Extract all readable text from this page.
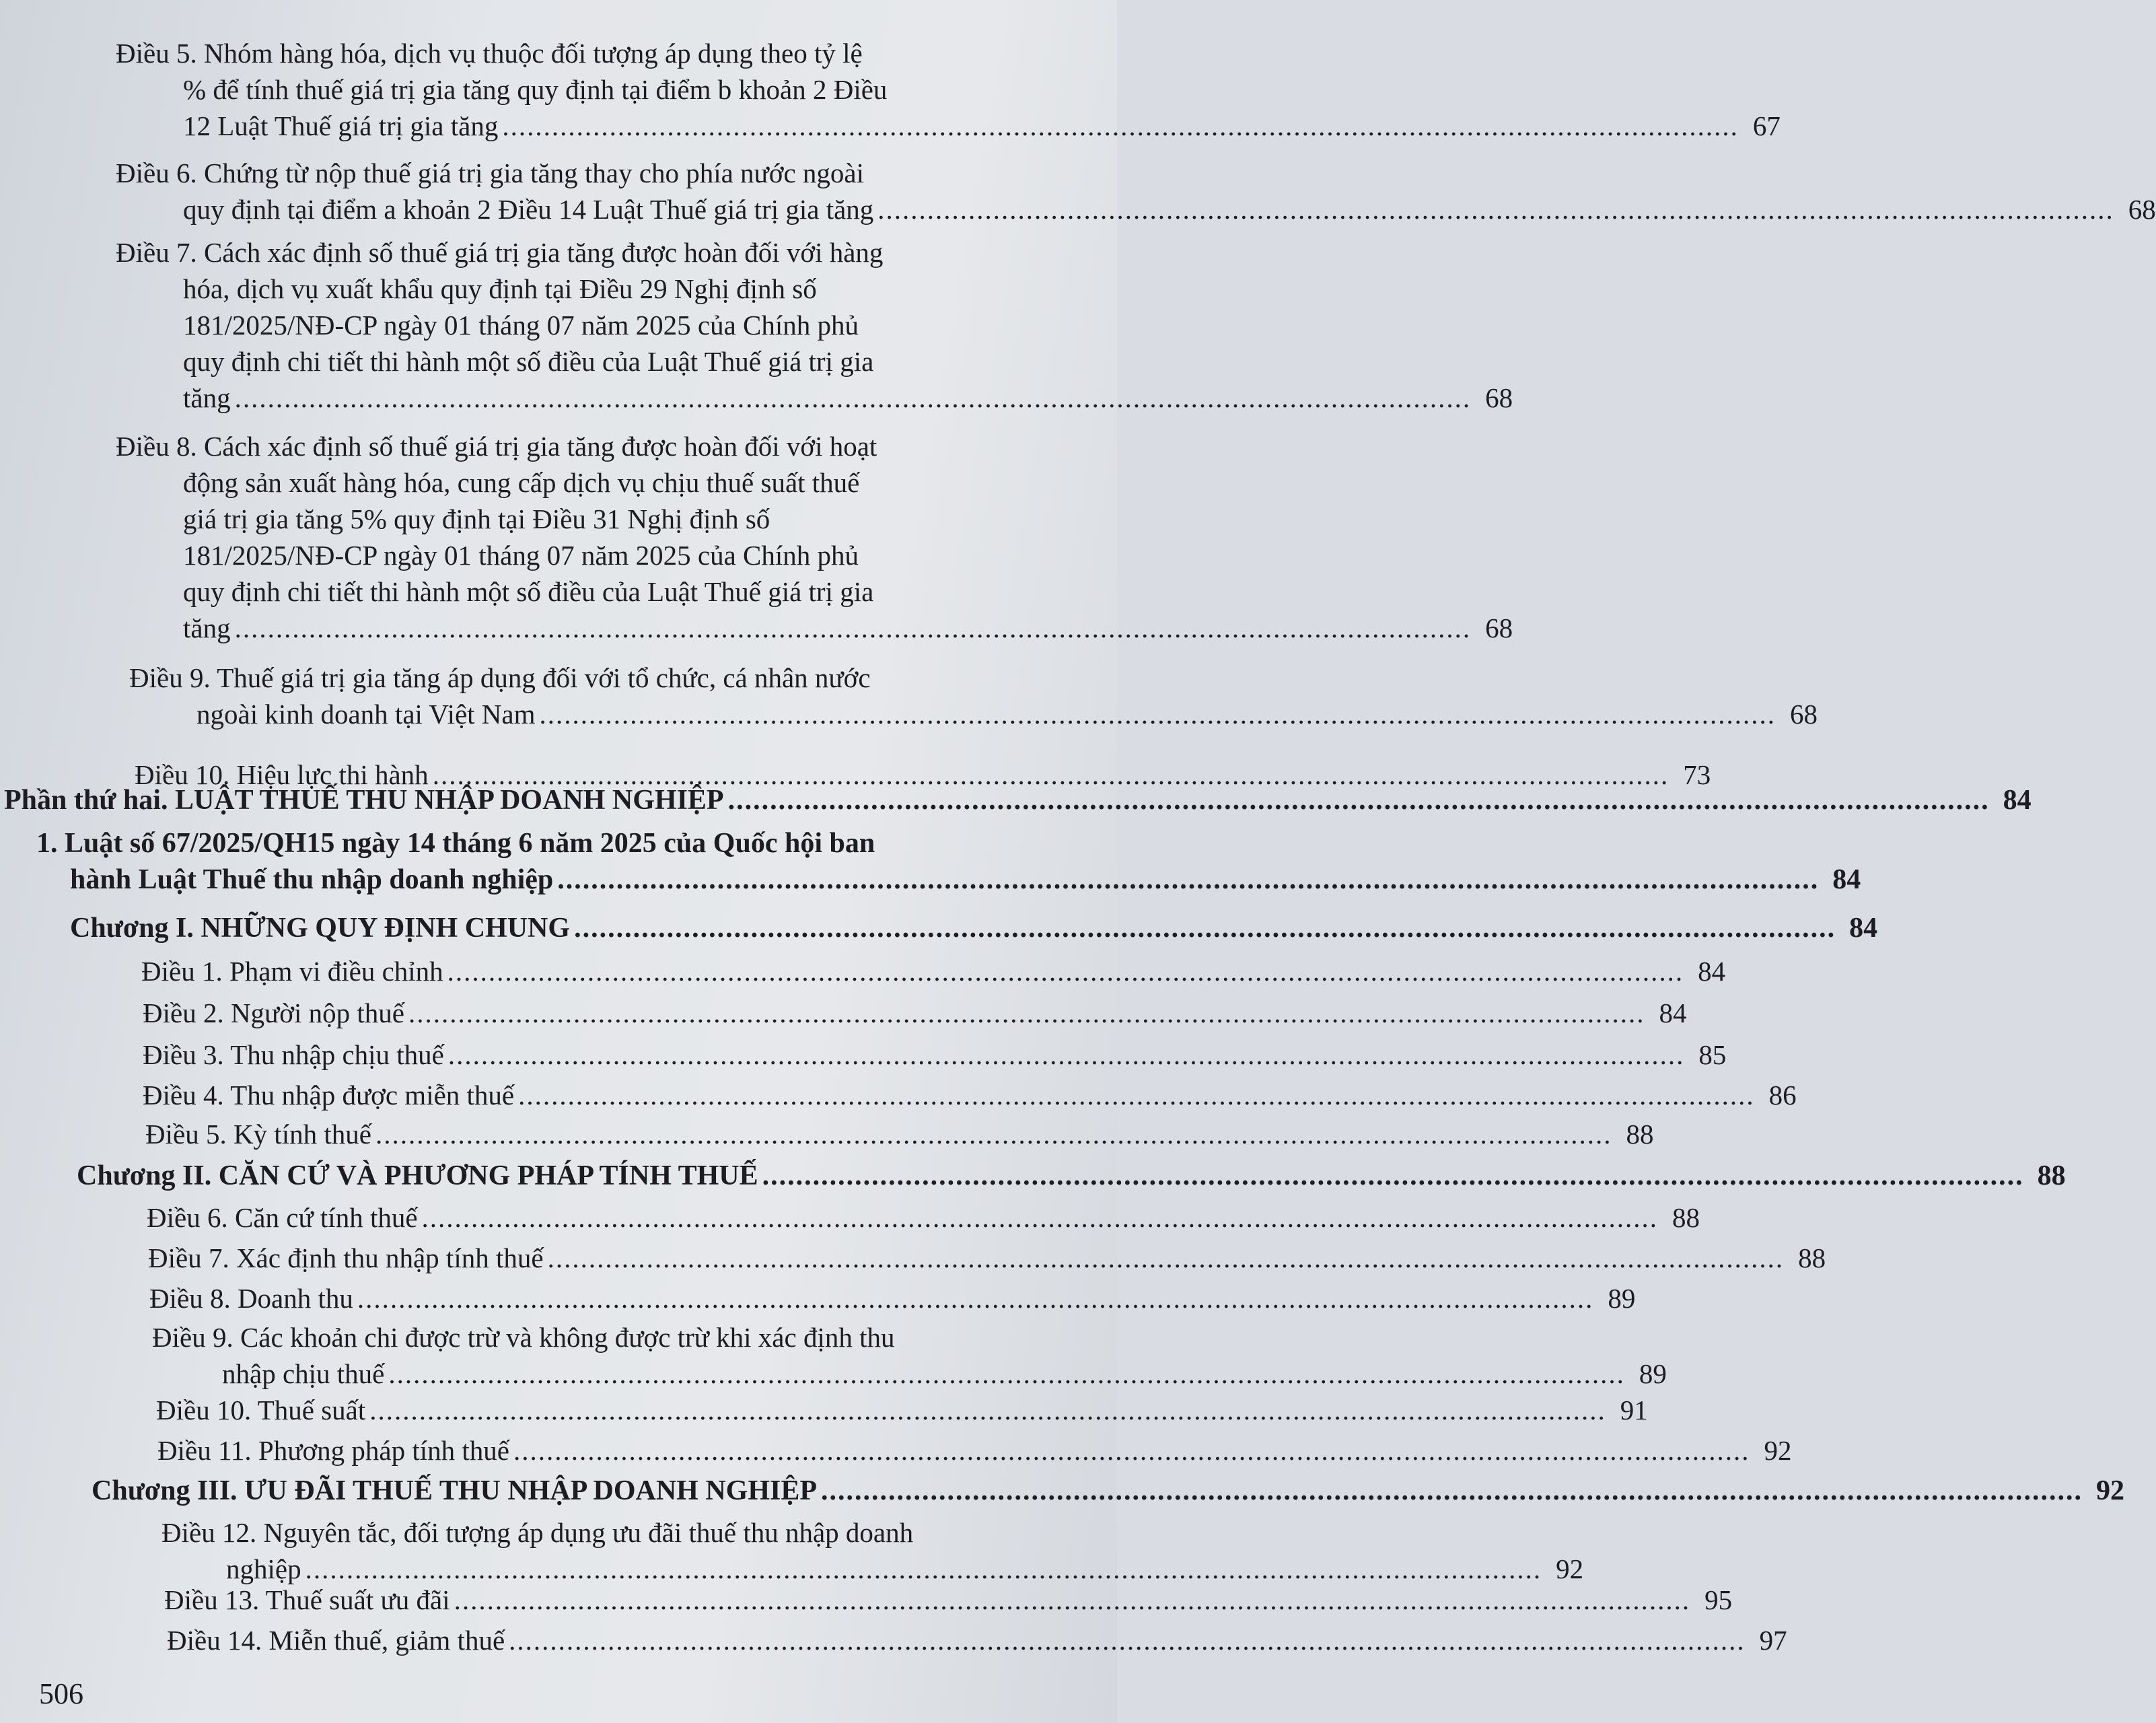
Điều 5. Nhóm hàng hóa, dịch vụ thuộc đối tượng áp dụng theo tỷ lệ
% để tính thuế giá trị gia tăng quy định tại điểm b khoản 2 Điều
12 Luật Thuế giá trị gia tăng ...................................................................................................................................................... 67
Điều 6. Chứng từ nộp thuế giá trị gia tăng thay cho phía nước ngoài
quy định tại điểm a khoản 2 Điều 14 Luật Thuế giá trị gia tăng ...................................................................................................................................................... 68
Điều 7. Cách xác định số thuế giá trị gia tăng được hoàn đối với hàng
hóa, dịch vụ xuất khẩu quy định tại Điều 29 Nghị định số
181/2025/NĐ-CP ngày 01 tháng 07 năm 2025 của Chính phủ
quy định chi tiết thi hành một số điều của Luật Thuế giá trị gia
tăng ...................................................................................................................................................... 68
Điều 8. Cách xác định số thuế giá trị gia tăng được hoàn đối với hoạt
động sản xuất hàng hóa, cung cấp dịch vụ chịu thuế suất thuế
giá trị gia tăng 5% quy định tại Điều 31 Nghị định số
181/2025/NĐ-CP ngày 01 tháng 07 năm 2025 của Chính phủ
quy định chi tiết thi hành một số điều của Luật Thuế giá trị gia
tăng ...................................................................................................................................................... 68
Điều 9. Thuế giá trị gia tăng áp dụng đối với tổ chức, cá nhân nước
ngoài kinh doanh tại Việt Nam ...................................................................................................................................................... 68
Điều 10. Hiệu lực thi hành ...................................................................................................................................................... 73
Phần thứ hai. LUẬT THUẾ THU NHẬP DOANH NGHIỆP ...................................................................................................................................................... 84
1. Luật số 67/2025/QH15 ngày 14 tháng 6 năm 2025 của Quốc hội ban
hành Luật Thuế thu nhập doanh nghiệp ...................................................................................................................................................... 84
Chương I. NHỮNG QUY ĐỊNH CHUNG ...................................................................................................................................................... 84
Điều 1. Phạm vi điều chỉnh ...................................................................................................................................................... 84
Điều 2. Người nộp thuế ...................................................................................................................................................... 84
Điều 3. Thu nhập chịu thuế ...................................................................................................................................................... 85
Điều 4. Thu nhập được miễn thuế ...................................................................................................................................................... 86
Điều 5. Kỳ tính thuế ...................................................................................................................................................... 88
Chương II. CĂN CỨ VÀ PHƯƠNG PHÁP TÍNH THUẾ ...................................................................................................................................................... 88
Điều 6. Căn cứ tính thuế ...................................................................................................................................................... 88
Điều 7. Xác định thu nhập tính thuế ...................................................................................................................................................... 88
Điều 8. Doanh thu ...................................................................................................................................................... 89
Điều 9. Các khoản chi được trừ và không được trừ khi xác định thu
nhập chịu thuế ...................................................................................................................................................... 89
Điều 10. Thuế suất ...................................................................................................................................................... 91
Điều 11. Phương pháp tính thuế ...................................................................................................................................................... 92
Chương III. ƯU ĐÃI THUẾ THU NHẬP DOANH NGHIỆP ...................................................................................................................................................... 92
Điều 12. Nguyên tắc, đối tượng áp dụng ưu đãi thuế thu nhập doanh
nghiệp ...................................................................................................................................................... 92
Điều 13. Thuế suất ưu đãi ...................................................................................................................................................... 95
Điều 14. Miễn thuế, giảm thuế ...................................................................................................................................................... 97
506
